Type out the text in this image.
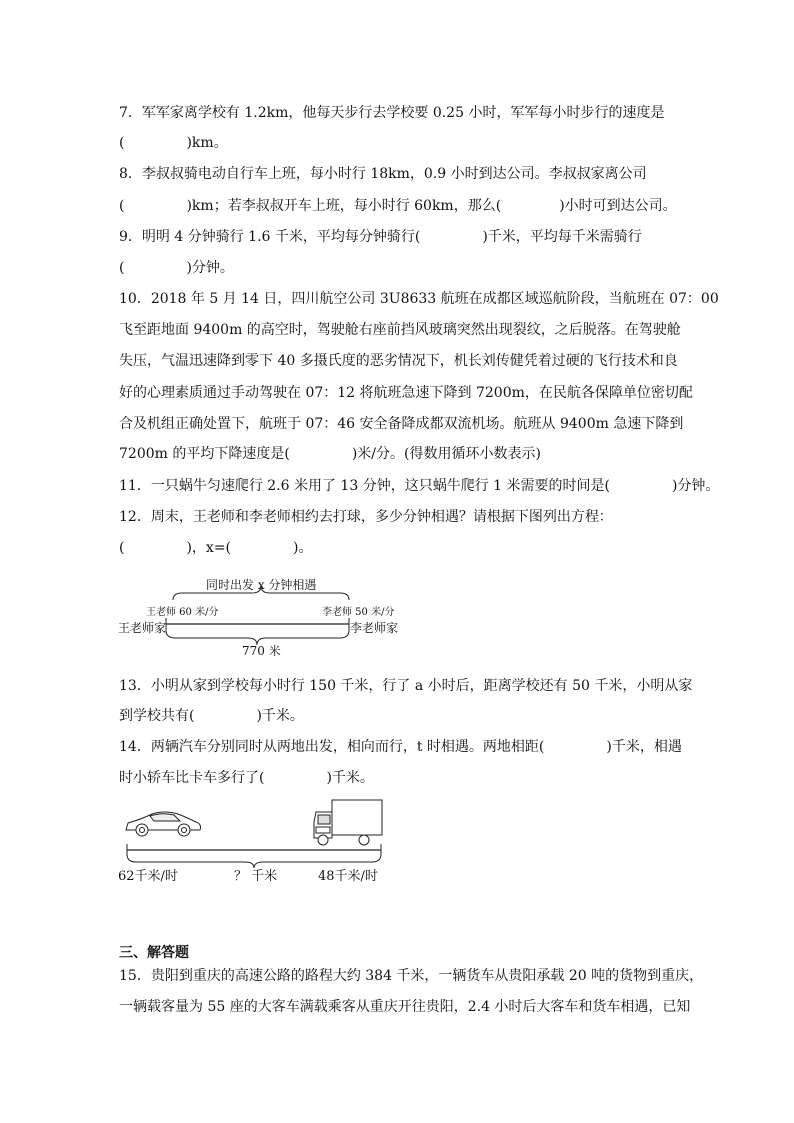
7．军军家离学校有 1.2km，他每天步行去学校要 0.25 小时，军军每小时步行的速度是
(	)km。
8．李叔叔骑电动自行车上班，每小时行 18km，0.9 小时到达公司。李叔叔家离公司
(	)km；若李叔叔开车上班，每小时行 60km，那么(	)小时可到达公司。
9．明明 4 分钟骑行 1.6 千米，平均每分钟骑行(	)千米，平均每千米需骑行
(	)分钟。
10．2018 年 5 月 14 日，四川航空公司 3U8633 航班在成都区域巡航阶段，当航班在 07：00
飞至距地面 9400m 的高空时，驾驶舱右座前挡风玻璃突然出现裂纹，之后脱落。在驾驶舱
失压，气温迅速降到零下 40 多摄氏度的恶劣情况下，机长刘传健凭着过硬的飞行技术和良
好的心理素质通过手动驾驶在 07：12 将航班急速下降到 7200m，在民航各保障单位密切配
合及机组正确处置下，航班于 07：46 安全备降成都双流机场。航班从 9400m 急速下降到
7200m 的平均下降速度是(	)米/分。(得数用循环小数表示)
11．一只蜗牛匀速爬行 2.6 米用了 13 分钟，这只蜗牛爬行 1 米需要的时间是(	)分钟。
12．周末，王老师和李老师相约去打球，多少分钟相遇？请根据下图列出方程：
(	)，x=(	)。
同时出发 x 分钟相遇
王老师 60 米/分	李老师 50 米/分
王老师家	李老师家
770 米
13．小明从家到学校每小时行 150 千米，行了 a 小时后，距离学校还有 50 千米，小明从家
到学校共有(	)千米。
14．两辆汽车分别同时从两地出发，相向而行，t 时相遇。两地相距(	)千米，相遇
时小轿车比卡车多行了(	)千米。
62千米/时	？ 千米	48千米/时
三、解答题
15．贵阳到重庆的高速公路的路程大约 384 千米，一辆货车从贵阳承载 20 吨的货物到重庆，
一辆载客量为 55 座的大客车满载乘客从重庆开往贵阳，2.4 小时后大客车和货车相遇，已知
